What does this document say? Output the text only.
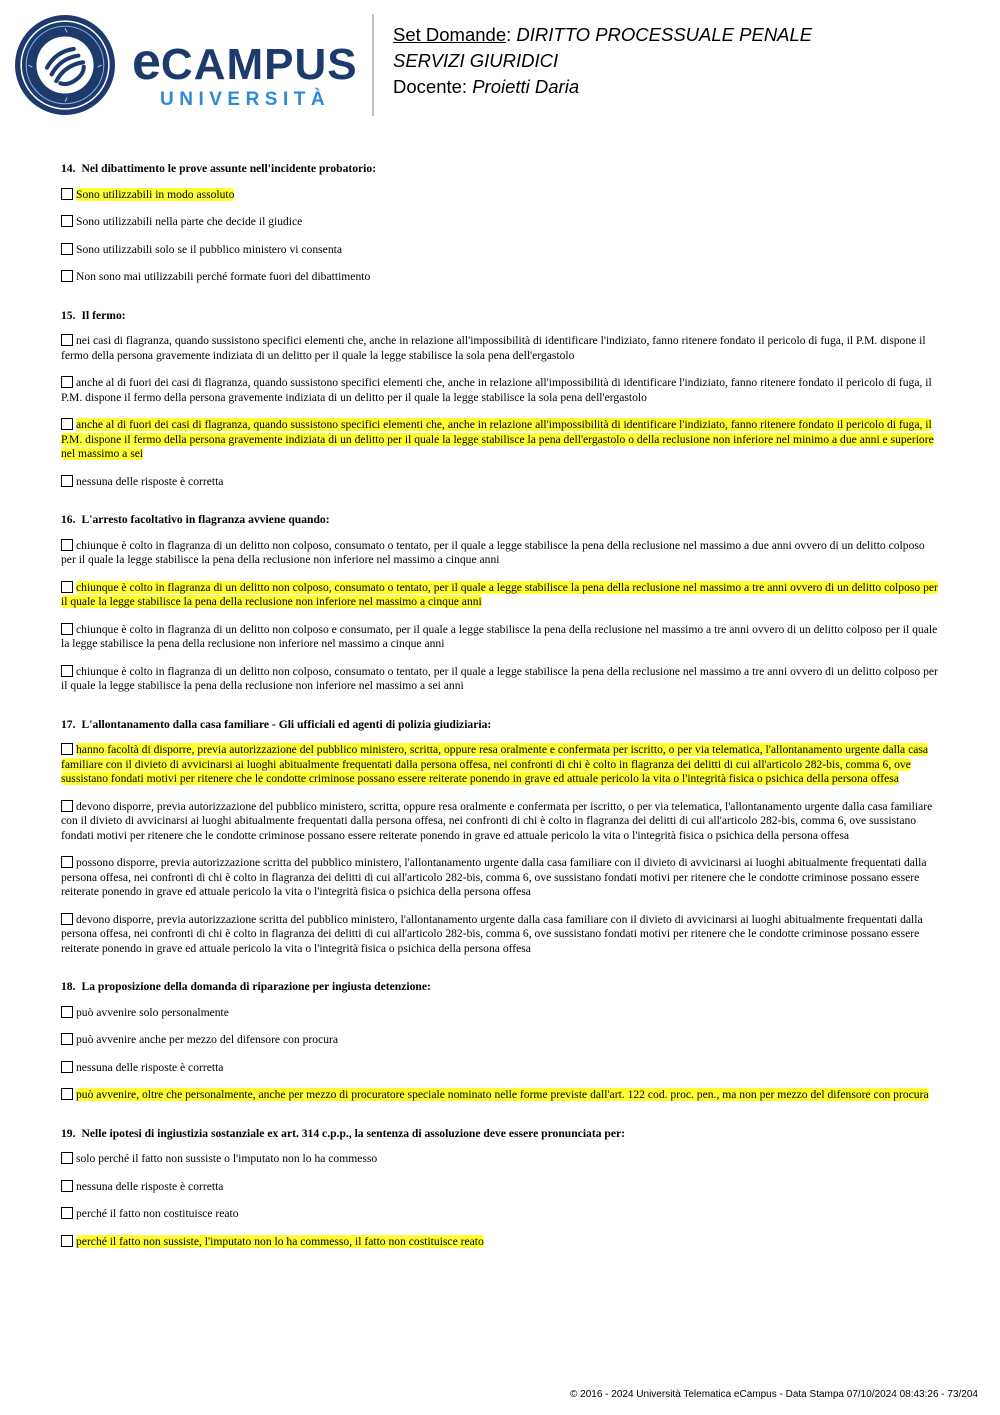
eCAMPUS
UNIVERSITÀ
Set Domande: DIRITTO PROCESSUALE PENALE
SERVIZI GIURIDICI
Docente: Proietti Daria
14. Nel dibattimento le prove assunte nell'incidente probatorio:
Sono utilizzabili in modo assoluto
Sono utilizzabili nella parte che decide il giudice
Sono utilizzabili solo se il pubblico ministero vi consenta
Non sono mai utilizzabili perché formate fuori del dibattimento
15. Il fermo:
nei casi di flagranza, quando sussistono specifici elementi che, anche in relazione all'impossibilità di identificare l'indiziato, fanno ritenere fondato il pericolo di fuga, il P.M. dispone il fermo della persona gravemente indiziata di un delitto per il quale la legge stabilisce la sola pena dell'ergastolo
anche al di fuori dei casi di flagranza, quando sussistono specifici elementi che, anche in relazione all'impossibilità di identificare l'indiziato, fanno ritenere fondato il pericolo di fuga, il P.M. dispone il fermo della persona gravemente indiziata di un delitto per il quale la legge stabilisce la sola pena dell'ergastolo
anche al di fuori dei casi di flagranza, quando sussistono specifici elementi che, anche in relazione all'impossibilità di identificare l'indiziato, fanno ritenere fondato il pericolo di fuga, il P.M. dispone il fermo della persona gravemente indiziata di un delitto per il quale la legge stabilisce la pena dell'ergastolo o della reclusione non inferiore nel minimo a due anni e superiore nel massimo a sei
nessuna delle risposte è corretta
16. L'arresto facoltativo in flagranza avviene quando:
chiunque è colto in flagranza di un delitto non colposo, consumato o tentato, per il quale a legge stabilisce la pena della reclusione nel massimo a due anni ovvero di un delitto colposo per il quale la legge stabilisce la pena della reclusione non inferiore nel massimo a cinque anni
chiunque è colto in flagranza di un delitto non colposo, consumato o tentato, per il quale a legge stabilisce la pena della reclusione nel massimo a tre anni ovvero di un delitto colposo per il quale la legge stabilisce la pena della reclusione non inferiore nel massimo a cinque anni
chiunque è colto in flagranza di un delitto non colposo e consumato, per il quale a legge stabilisce la pena della reclusione nel massimo a tre anni ovvero di un delitto colposo per il quale la legge stabilisce la pena della reclusione non inferiore nel massimo a cinque anni
chiunque è colto in flagranza di un delitto non colposo, consumato o tentato, per il quale a legge stabilisce la pena della reclusione nel massimo a tre anni ovvero di un delitto colposo per il quale la legge stabilisce la pena della reclusione non inferiore nel massimo a sei anni
17. L'allontanamento dalla casa familiare - Gli ufficiali ed agenti di polizia giudiziaria:
hanno facoltà di disporre, previa autorizzazione del pubblico ministero, scritta, oppure resa oralmente e confermata per iscritto, o per via telematica, l'allontanamento urgente dalla casa familiare con il divieto di avvicinarsi ai luoghi abitualmente frequentati dalla persona offesa, nei confronti di chi è colto in flagranza dei delitti di cui all'articolo 282-bis, comma 6, ove sussistano fondati motivi per ritenere che le condotte criminose possano essere reiterate ponendo in grave ed attuale pericolo la vita o l'integrità fisica o psichica della persona offesa
devono disporre, previa autorizzazione del pubblico ministero, scritta, oppure resa oralmente e confermata per iscritto, o per via telematica, l'allontanamento urgente dalla casa familiare con il divieto di avvicinarsi ai luoghi abitualmente frequentati dalla persona offesa, nei confronti di chi è colto in flagranza dei delitti di cui all'articolo 282-bis, comma 6, ove sussistano fondati motivi per ritenere che le condotte criminose possano essere reiterate ponendo in grave ed attuale pericolo la vita o l'integrità fisica o psichica della persona offesa
possono disporre, previa autorizzazione scritta del pubblico ministero, l'allontanamento urgente dalla casa familiare con il divieto di avvicinarsi ai luoghi abitualmente frequentati dalla persona offesa, nei confronti di chi è colto in flagranza dei delitti di cui all'articolo 282-bis, comma 6, ove sussistano fondati motivi per ritenere che le condotte criminose possano essere reiterate ponendo in grave ed attuale pericolo la vita o l'integrità fisica o psichica della persona offesa
devono disporre, previa autorizzazione scritta del pubblico ministero, l'allontanamento urgente dalla casa familiare con il divieto di avvicinarsi ai luoghi abitualmente frequentati dalla persona offesa, nei confronti di chi è colto in flagranza dei delitti di cui all'articolo 282-bis, comma 6, ove sussistano fondati motivi per ritenere che le condotte criminose possano essere reiterate ponendo in grave ed attuale pericolo la vita o l'integrità fisica o psichica della persona offesa
18. La proposizione della domanda di riparazione per ingiusta detenzione:
può avvenire solo personalmente
può avvenire anche per mezzo del difensore con procura
nessuna delle risposte è corretta
può avvenire, oltre che personalmente, anche per mezzo di procuratore speciale nominato nelle forme previste dall'art. 122 cod. proc. pen., ma non per mezzo del difensore con procura
19. Nelle ipotesi di ingiustizia sostanziale ex art. 314 c.p.p., la sentenza di assoluzione deve essere pronunciata per:
solo perché il fatto non sussiste o l'imputato non lo ha commesso
nessuna delle risposte è corretta
perché il fatto non costituisce reato
perché il fatto non sussiste, l'imputato non lo ha commesso, il fatto non costituisce reato
© 2016 - 2024 Università Telematica eCampus - Data Stampa 07/10/2024 08:43:26 - 73/204
